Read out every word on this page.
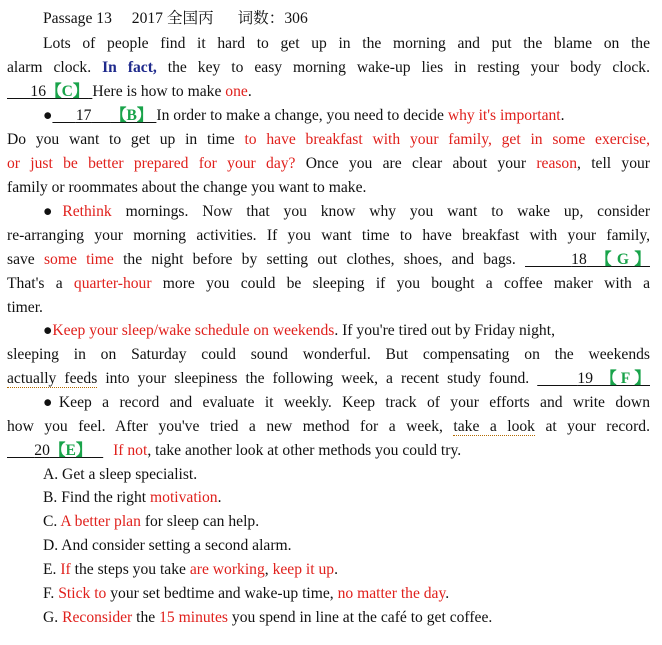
Passage 13 2017 全国丙 词数：306
Lots of people find it hard to get up in the morning and put the blame on the
alarm clock. In fact, the key to easy morning wake-up lies in resting your body clock.
16【C】 Here is how to make one.
● 17 【B】 In order to make a change, you need to decide why it's important.
Do you want to get up in time to have breakfast with your family, get in some exercise,
or just be better prepared for your day? Once you are clear about your reason, tell your
family or roommates about the change you want to make.
●Rethink mornings. Now that you know why you want to wake up, consider
re-arranging your morning activities. If you want time to have breakfast with your family,
save some time the night before by setting out clothes, shoes, and bags.	18 【G】
That's a quarter-hour more you could be sleeping if you bought a coffee maker with a
timer.
●Keep your sleep/wake schedule on weekends. If you're tired out by Friday night,
sleeping in on Saturday could sound wonderful. But compensating on the weekends
actually feeds into your sleepiness the following week, a recent study found.	19 【F】
●Keep a record and evaluate it weekly. Keep track of your efforts and write down
how you feel. After you've tried a new method for a week, take a look at your record.
20【E】 If not, take another look at other methods you could try.
A. Get a sleep specialist.
B. Find the right motivation.
C. A better plan for sleep can help.
D. And consider setting a second alarm.
E. If the steps you take are working, keep it up.
F. Stick to your set bedtime and wake-up time, no matter the day.
G. Reconsider the 15 minutes you spend in line at the café to get coffee.
